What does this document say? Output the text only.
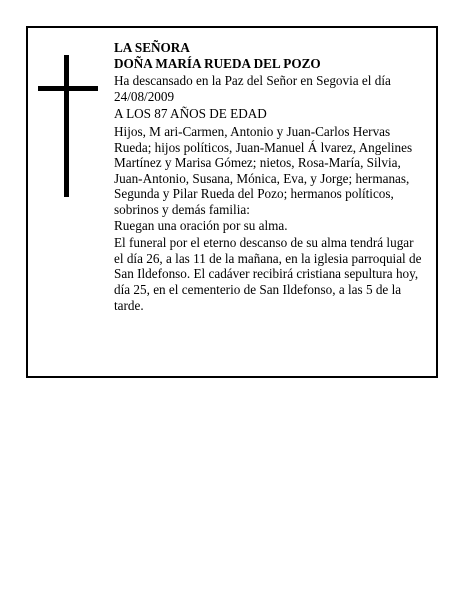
LA SEÑORA

DOÑA MARÍA RUEDA DEL POZO

Ha descansado en la Paz del Señor en Segovia el día 24/08/2009

A LOS 87 AÑOS DE EDAD

Hijos, M ari-Carmen, Antonio y Juan-Carlos Hervas Rueda; hijos políticos, Juan-Manuel Á lvarez, Angelines Martínez y Marisa Gómez; nietos, Rosa-María, Silvia, Juan-Antonio, Susana, Mónica, Eva, y Jorge; hermanas, Segunda y Pilar Rueda del Pozo; hermanos políticos, sobrinos y demás familia:

Ruegan una oración por su alma.

El funeral por el eterno descanso de su alma tendrá lugar el día 26, a las 11 de la mañana, en la iglesia parroquial de San Ildefonso. El cadáver recibirá cristiana sepultura hoy, día 25, en el cementerio de San Ildefonso, a las 5 de la tarde.
